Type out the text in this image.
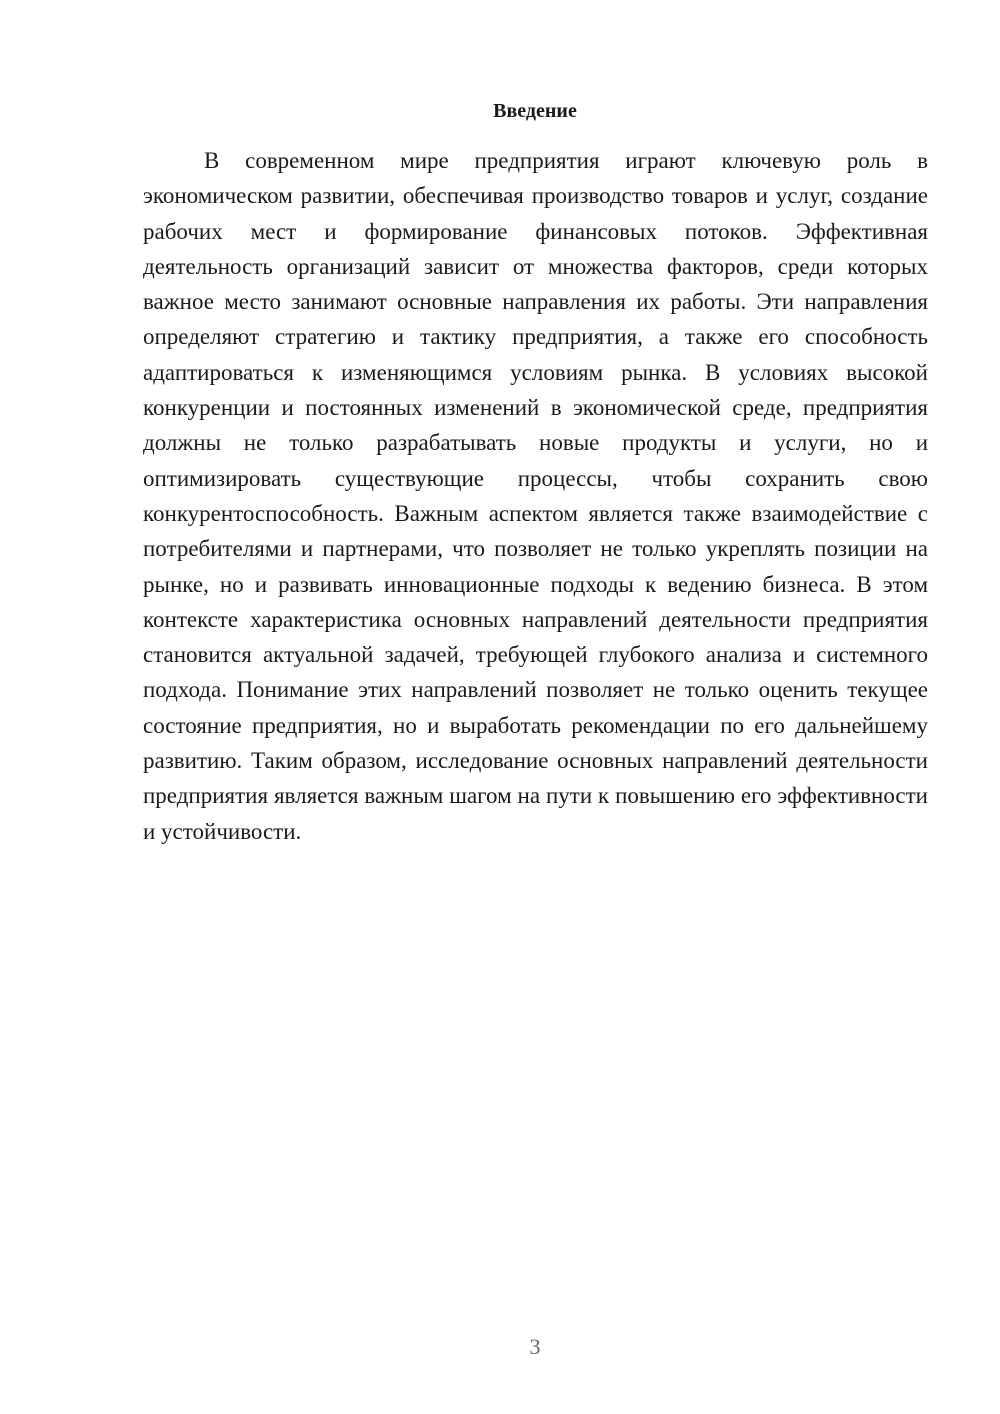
Введение

В современном мире предприятия играют ключевую роль в экономическом развитии, обеспечивая производство товаров и услуг, создание рабочих мест и формирование финансовых потоков. Эффективная деятельность организаций зависит от множества факторов, среди которых важное место занимают основные направления их работы. Эти направления определяют стратегию и тактику предприятия, а также его способность адаптироваться к изменяющимся условиям рынка. В условиях высокой конкуренции и постоянных изменений в экономической среде, предприятия должны не только разрабатывать новые продукты и услуги, но и оптимизировать существующие процессы, чтобы сохранить свою конкурентоспособность. Важным аспектом является также взаимодействие с потребителями и партнерами, что позволяет не только укреплять позиции на рынке, но и развивать инновационные подходы к ведению бизнеса. В этом контексте характеристика основных направлений деятельности предприятия становится актуальной задачей, требующей глубокого анализа и системного подхода. Понимание этих направлений позволяет не только оценить текущее состояние предприятия, но и выработать рекомендации по его дальнейшему развитию. Таким образом, исследование основных направлений деятельности предприятия является важным шагом на пути к повышению его эффективности и устойчивости.

3
